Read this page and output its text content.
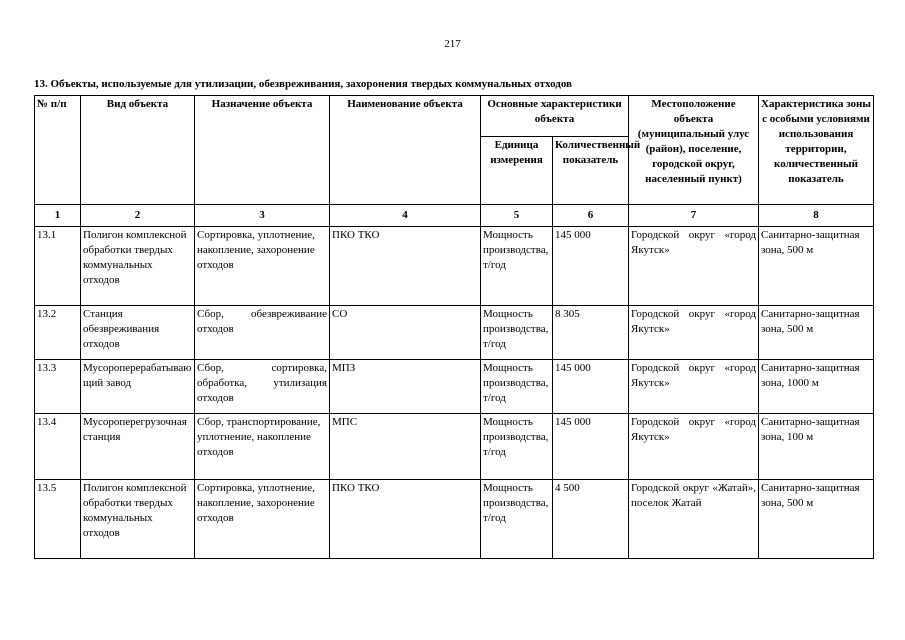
217
13. Объекты, используемые для утилизации, обезвреживания, захоронения твердых коммунальных отходов
№ п/п	Вид объекта	Назначение объекта	Наименование объекта	Основные характеристики объекта		Местоположение объекта (муниципальный улус (район), поселение, городской округ, населенный пункт)	Характеристика зоны с особыми условиями использования территории, количественный показатель
				Единица измерения	Количественный показатель		
1	2	3	4	5	6	7	8
13.1	Полигон комплексной обработки твердых коммунальных отходов	Сортировка, уплотнение, накопление, захоронение отходов	ПКО ТКО	Мощность производства, т/год	145 000	Городской округ «город Якутск»	Санитарно-защитная зона, 500 м
13.2	Станция обезвреживания отходов	Сбор, обезвреживание отходов	СО	Мощность производства, т/год	8 305	Городской округ «город Якутск»	Санитарно-защитная зона, 500 м
13.3	Мусороперерабатывающий завод	Сбор, сортировка, обработка, утилизация отходов	МПЗ	Мощность производства, т/год	145 000	Городской округ «город Якутск»	Санитарно-защитная зона, 1000 м
13.4	Мусороперегрузочная станция	Сбор, транспортирование, уплотнение, накопление отходов	МПС	Мощность производства, т/год	145 000	Городской округ «город Якутск»	Санитарно-защитная зона, 100 м
13.5	Полигон комплексной обработки твердых коммунальных отходов	Сортировка, уплотнение, накопление, захоронение отходов	ПКО ТКО	Мощность производства, т/год	4 500	Городской округ «Жатай», поселок Жатай	Санитарно-защитная зона, 500 м
